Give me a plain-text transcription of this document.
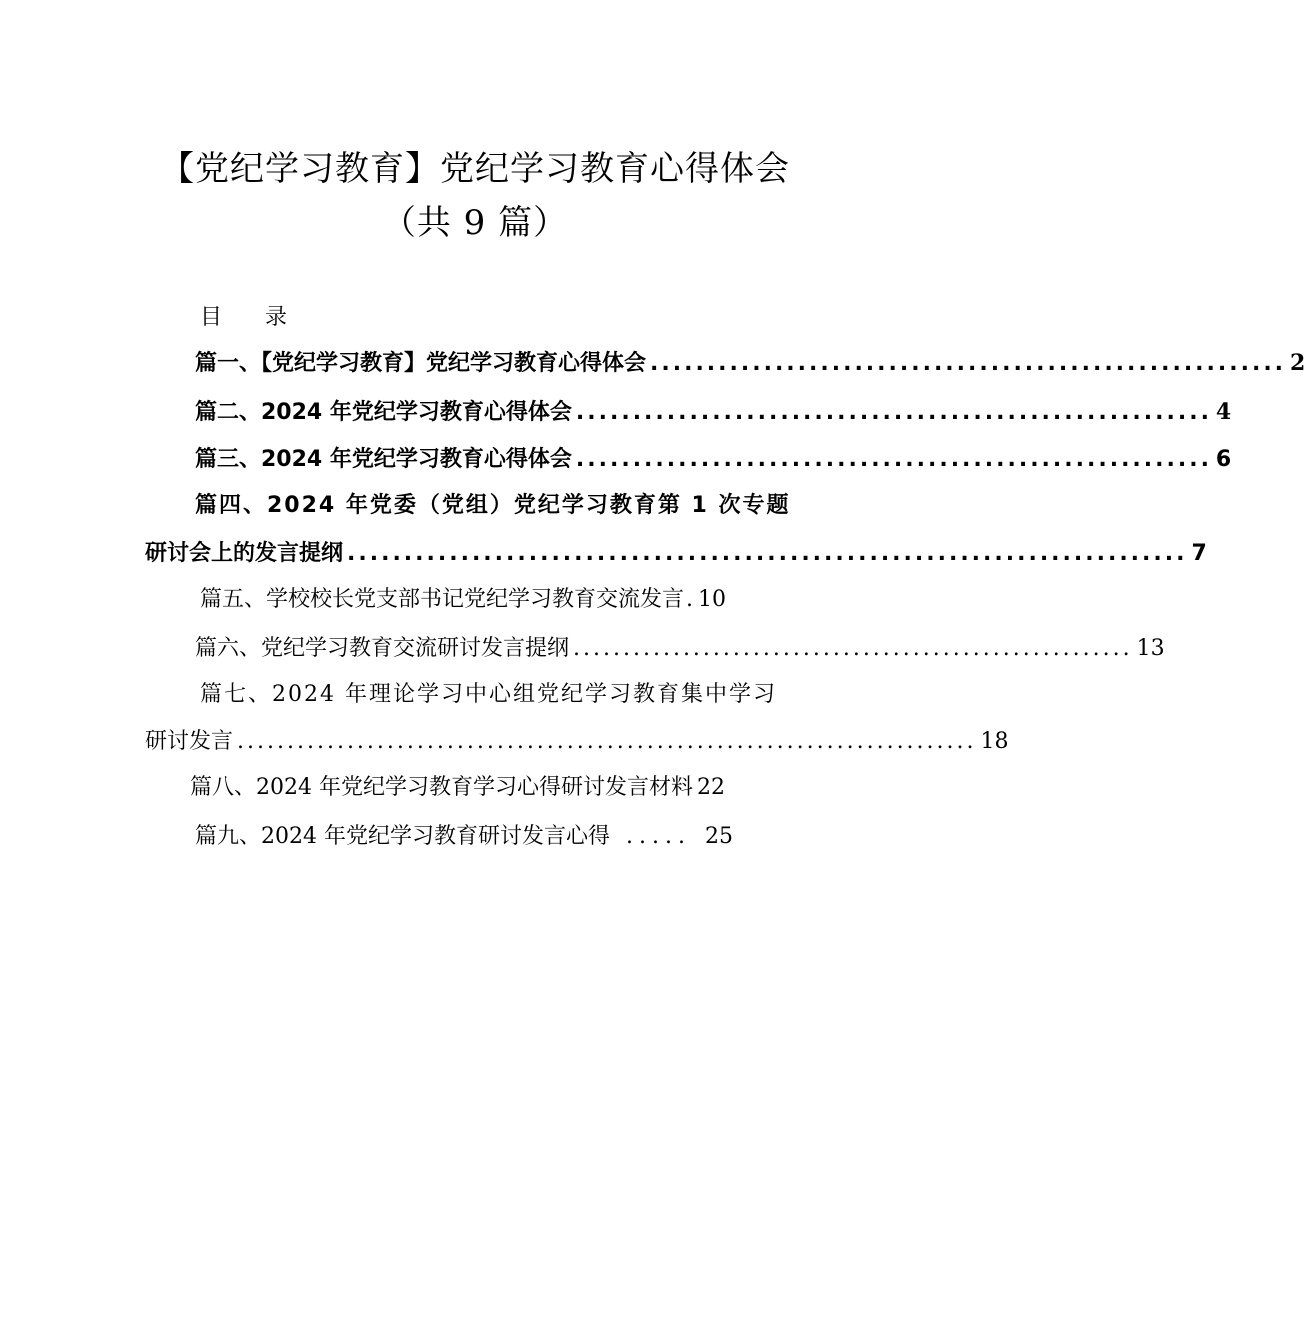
【党纪学习教育】党纪学习教育心得体会
（共 9 篇）
目 录
篇一、【党纪学习教育】党纪学习教育心得体会 ........................................................ 2
篇二、2024 年党纪学习教育心得体会 ........................................................ 4
篇三、2024 年党纪学习教育心得体会 ........................................................ 6
篇四、2024 年党委（党组）党纪学习教育第 1 次专题
研讨会上的发言提纲 .......................................................................... 7
篇五、学校校长党支部书记党纪学习教育交流发言 . 10
篇六、党纪学习教育交流研讨发言提纲 ........................................................ 13
篇七、2024 年理论学习中心组党纪学习教育集中学习
研讨发言 .......................................................................... 18
篇八、2024 年党纪学习教育学习心得研讨发言材料 22
篇九、2024 年党纪学习教育研讨发言心得 ..... 25
